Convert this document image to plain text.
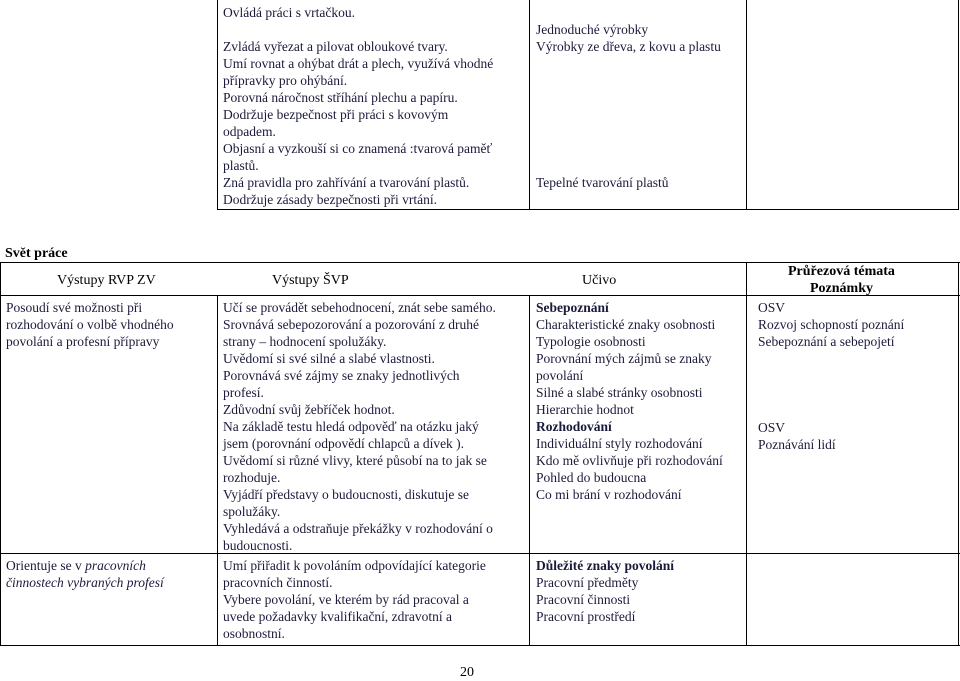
Ovládá práci s vrtačkou.
Zvládá vyřezat a pilovat obloukové tvary.
Umí rovnat a ohýbat drát a plech, využívá vhodné
přípravky pro ohýbání.
Porovná náročnost stříhání plechu a papíru.
Dodržuje bezpečnost při práci s kovovým
odpadem.
Objasní a vyzkouší si co znamená :tvarová paměť
plastů.
Zná pravidla pro zahřívání a tvarování plastů.
Dodržuje zásady bezpečnosti při vrtání.
Jednoduché výrobky
Výrobky ze dřeva, z kovu a plastu
Tepelné tvarování plastů
Svět práce
Výstupy RVP ZV	Výstupy ŠVP	Učivo
Průřezová témata
Poznámky
Posoudí své možnosti při
rozhodování o volbě vhodného
povolání a profesní přípravy
Učí se provádět sebehodnocení, znát sebe samého.
Srovnává sebepozorování a pozorování z druhé
strany – hodnocení spolužáky.
Uvědomí si své silné a slabé vlastnosti.
Porovnává své zájmy se znaky jednotlivých
profesí.
Zdůvodní svůj žebříček hodnot.
Na základě testu hledá odpověď na otázku jaký
jsem (porovnání odpovědí chlapců a dívek ).
Uvědomí si různé vlivy, které působí na to jak se
rozhoduje.
Vyjádří představy o budoucnosti, diskutuje se
spolužáky.
Vyhledává a odstraňuje překážky v rozhodování o
budoucnosti.
Sebepoznání
Charakteristické znaky osobnosti
Typologie osobnosti
Porovnání mých zájmů se znaky
povolání
Silné a slabé stránky osobnosti
Hierarchie hodnot
Rozhodování
Individuální styly rozhodování
Kdo mě ovlivňuje při rozhodování
Pohled do budoucna
Co mi brání v rozhodování
OSV
Rozvoj schopností poznání
Sebepoznání a sebepojetí
OSV
Poznávání lidí
Orientuje se v pracovních
činnostech vybraných profesí
Umí přiřadit k povoláním odpovídající kategorie
pracovních činností.
Vybere povolání, ve kterém by rád pracoval a
uvede požadavky kvalifikační, zdravotní a
osobnostní.
Důležité znaky povolání
Pracovní předměty
Pracovní činnosti
Pracovní prostředí
20
